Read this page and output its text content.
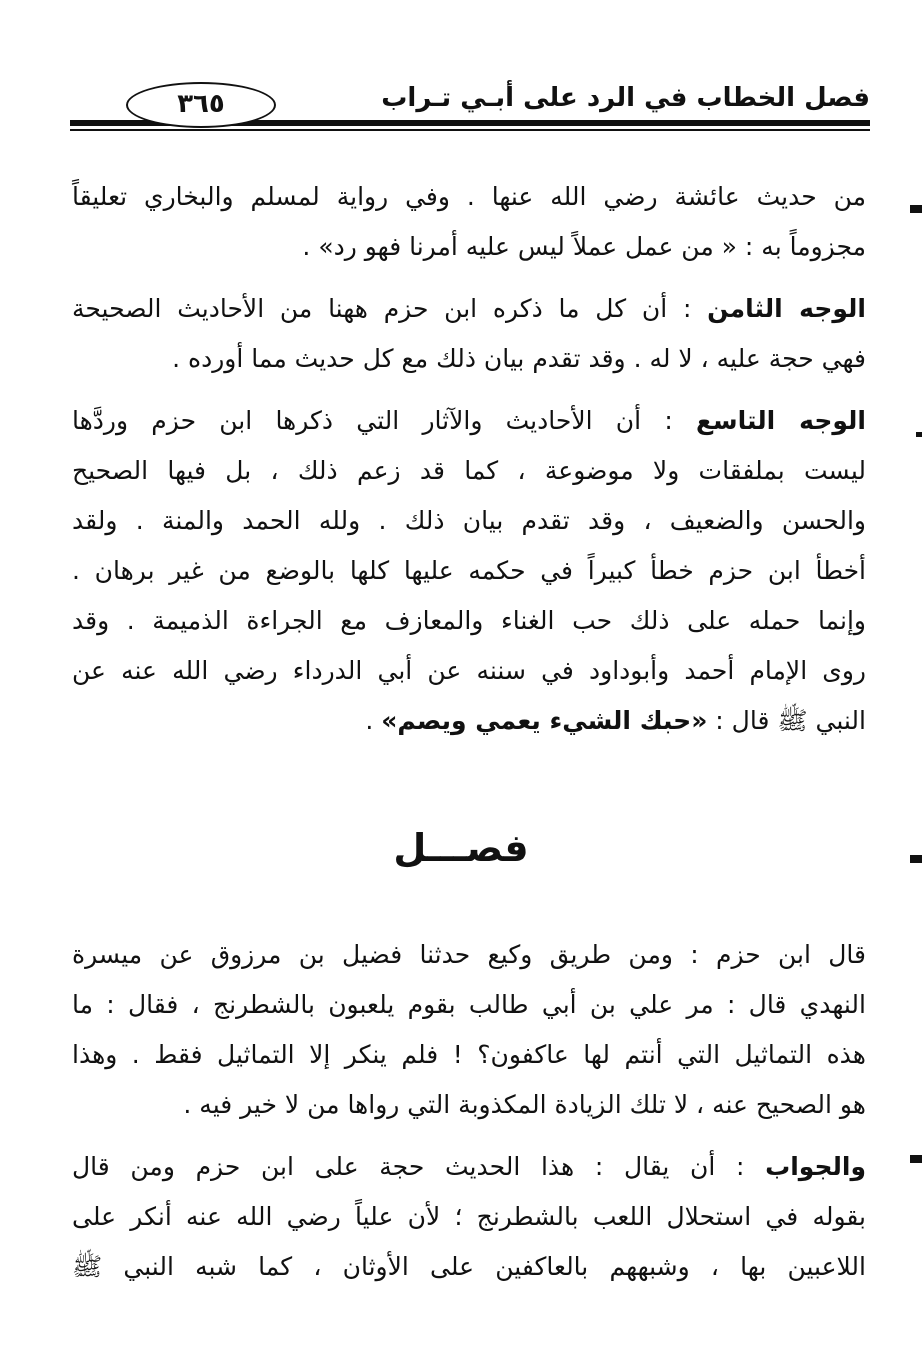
فصل الخطاب في الرد على أبـي تـراب
٣٦٥
من حديث عائشة رضي الله عنها . وفي رواية لمسلم والبخاري تعليقاً
مجزوماً به : « من عمل عملاً ليس عليه أمرنا فهو رد» .
الوجه الثامن : أن كل ما ذكره ابن حزم ههنا من الأحاديث الصحيحة
فهي حجة عليه ، لا له . وقد تقدم بيان ذلك مع كل حديث مما أورده .
الوجه التاسع : أن الأحاديث والآثار التي ذكرها ابن حزم وردَّها
ليست بملفقات ولا موضوعة ، كما قد زعم ذلك ، بل فيها الصحيح
والحسن والضعيف ، وقد تقدم بيان ذلك . ولله الحمد والمنة . ولقد
أخطأ ابن حزم خطأ كبيراً في حكمه عليها كلها بالوضع من غير برهان .
وإنما حمله على ذلك حب الغناء والمعازف مع الجراءة الذميمة . وقد
روى الإمام أحمد وأبوداود في سننه عن أبي الدرداء رضي الله عنه عن
النبي ﷺ قال : «حبك الشيء يعمي ويصم» .
فصـــل
قال ابن حزم : ومن طريق وكيع حدثنا فضيل بن مرزوق عن ميسرة
النهدي قال : مر علي بن أبي طالب بقوم يلعبون بالشطرنج ، فقال : ما
هذه التماثيل التي أنتم لها عاكفون؟ ! فلم ينكر إلا التماثيل فقط . وهذا
هو الصحيح عنه ، لا تلك الزيادة المكذوبة التي رواها من لا خير فيه .
والجواب : أن يقال : هذا الحديث حجة على ابن حزم ومن قال
بقوله في استحلال اللعب بالشطرنج ؛ لأن علياً رضي الله عنه أنكر على
اللاعبين بها ، وشبههم بالعاكفين على الأوثان ، كما شبه النبي ﷺ
